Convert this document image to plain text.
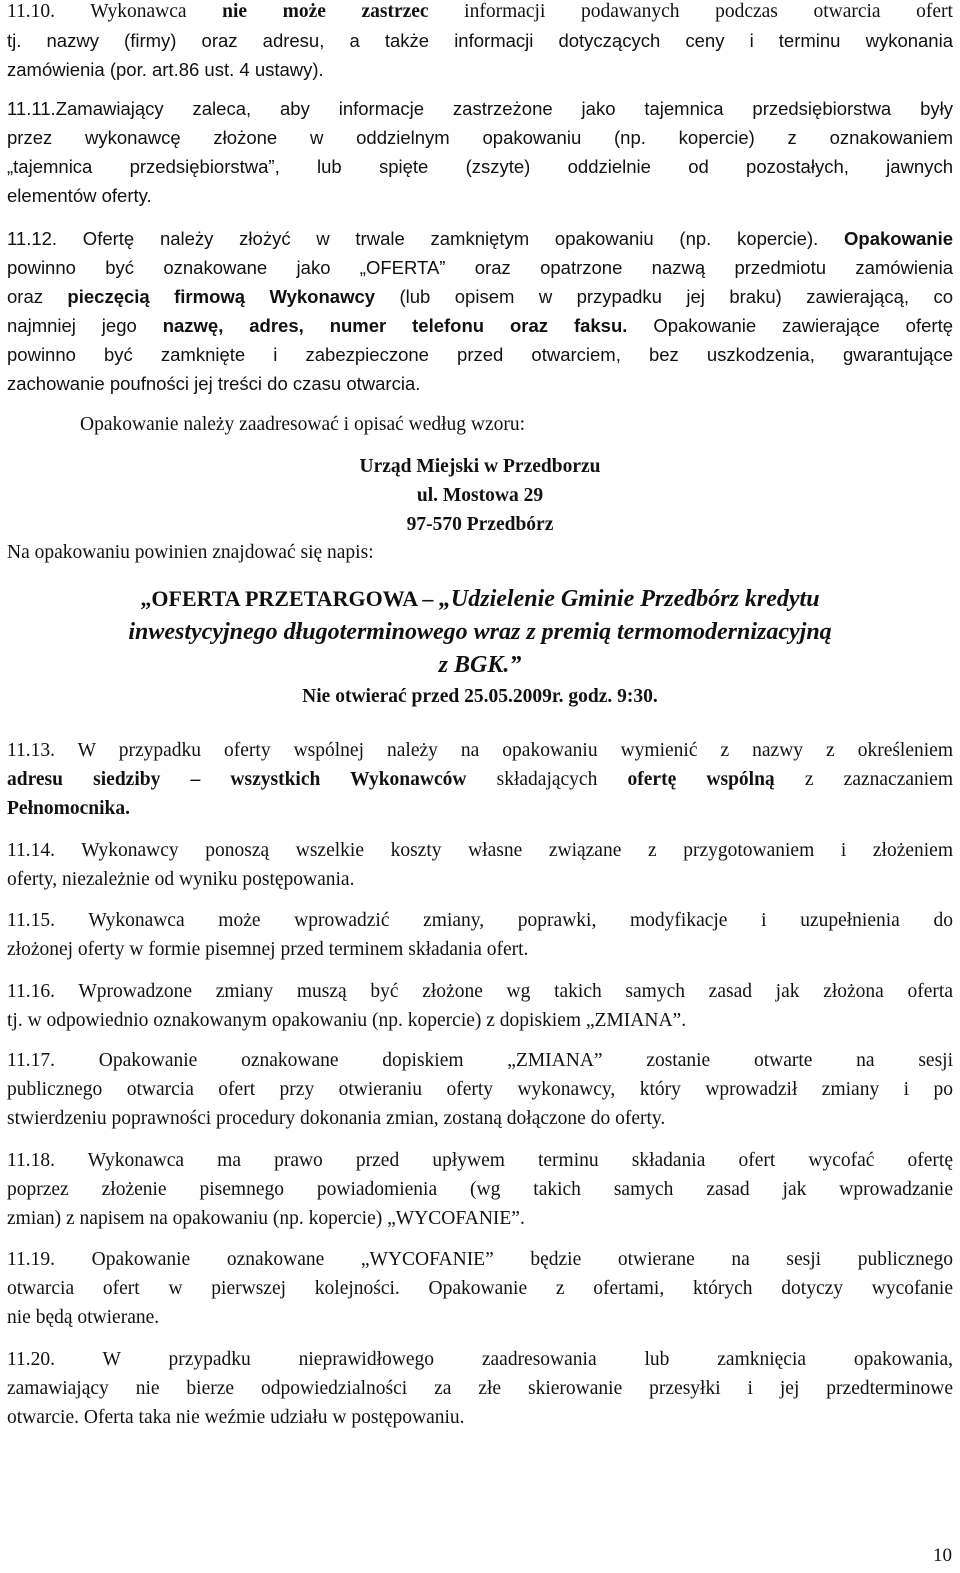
11.10. Wykonawca nie może zastrzec informacji podawanych podczas otwarcia ofert
tj. nazwy (firmy) oraz adresu, a także informacji dotyczących ceny i terminu wykonania
zamówienia (por. art.86 ust. 4 ustawy).
11.11.Zamawiający zaleca, aby informacje zastrzeżone jako tajemnica przedsiębiorstwa były
przez wykonawcę złożone w oddzielnym opakowaniu (np. kopercie) z oznakowaniem
„tajemnica przedsiębiorstwa”, lub spięte (zszyte) oddzielnie od pozostałych, jawnych
elementów oferty.
11.12. Ofertę należy złożyć w trwale zamkniętym opakowaniu (np. kopercie). Opakowanie
powinno być oznakowane jako „OFERTA” oraz opatrzone nazwą przedmiotu zamówienia
oraz pieczęcią firmową Wykonawcy (lub opisem w przypadku jej braku) zawierającą, co
najmniej jego nazwę, adres, numer telefonu oraz faksu. Opakowanie zawierające ofertę
powinno być zamknięte i zabezpieczone przed otwarciem, bez uszkodzenia, gwarantujące
zachowanie poufności jej treści do czasu otwarcia.

Opakowanie należy zaadresować i opisać według wzoru:

Urząd Miejski w Przedborzu
ul. Mostowa 29
97-570 Przedbórz

Na opakowaniu powinien znajdować się napis:

„OFERTA PRZETARGOWA – „Udzielenie Gminie Przedbórz kredytu
inwestycyjnego długoterminowego wraz z premią termomodernizacyjną
z BGK.”
Nie otwierać przed 25.05.2009r. godz. 9:30.
11.13. W przypadku oferty wspólnej należy na opakowaniu wymienić z nazwy z określeniem
adresu siedziby – wszystkich Wykonawców składających ofertę wspólną z zaznaczaniem
Pełnomocnika.
11.14. Wykonawcy ponoszą wszelkie koszty własne związane z przygotowaniem i złożeniem
oferty, niezależnie od wyniku postępowania.
11.15. Wykonawca może wprowadzić zmiany, poprawki, modyfikacje i uzupełnienia do
złożonej oferty w formie pisemnej przed terminem składania ofert.
11.16. Wprowadzone zmiany muszą być złożone wg takich samych zasad jak złożona oferta
tj. w odpowiednio oznakowanym opakowaniu (np. kopercie) z dopiskiem „ZMIANA”.
11.17. Opakowanie oznakowane dopiskiem „ZMIANA” zostanie otwarte na sesji
publicznego otwarcia ofert przy otwieraniu oferty wykonawcy, który wprowadził zmiany i po
stwierdzeniu poprawności procedury dokonania zmian, zostaną dołączone do oferty.
11.18. Wykonawca ma prawo przed upływem terminu składania ofert wycofać ofertę
poprzez złożenie pisemnego powiadomienia (wg takich samych zasad jak wprowadzanie
zmian) z napisem na opakowaniu (np. kopercie) „WYCOFANIE”.
11.19. Opakowanie oznakowane „WYCOFANIE” będzie otwierane na sesji publicznego
otwarcia ofert w pierwszej kolejności. Opakowanie z ofertami, których dotyczy wycofanie
nie będą otwierane.
11.20. W przypadku nieprawidłowego zaadresowania lub zamknięcia opakowania,
zamawiający nie bierze odpowiedzialności za złe skierowanie przesyłki i jej przedterminowe
otwarcie. Oferta taka nie weźmie udziału w postępowaniu.
10
